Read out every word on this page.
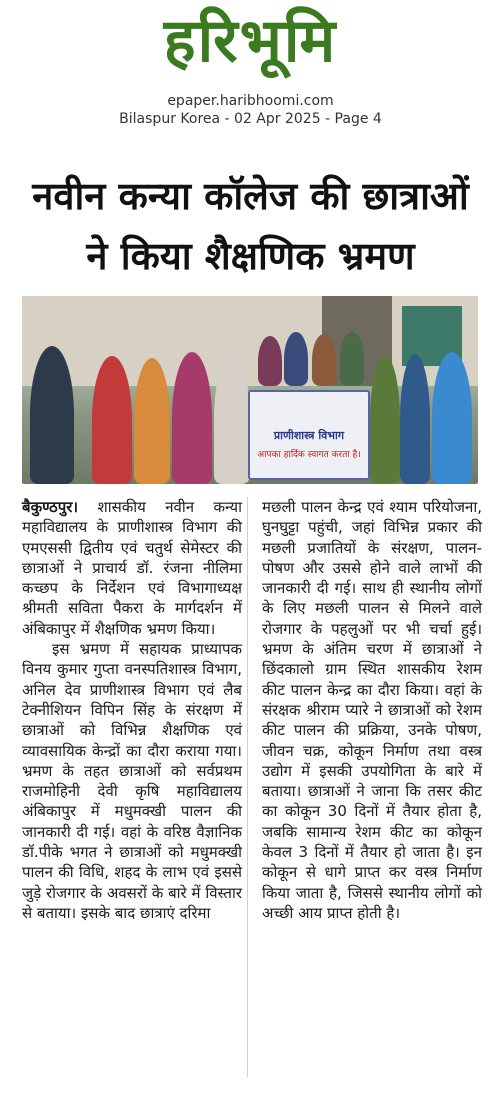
हरिभूमि
epaper.haribhoomi.com
Bilaspur Korea - 02 Apr 2025 - Page 4
नवीन कन्या कॉलेज की छात्राओं
ने किया शैक्षणिक भ्रमण
प्राणीशास्त्र विभाग
आपका हार्दिक स्वागत करता है।

बैकुण्ठपुर। शासकीय नवीन कन्या महाविद्यालय के प्राणीशास्त्र विभाग की एमएससी द्वितीय एवं चतुर्थ सेमेस्टर की छात्राओं ने प्राचार्य डॉ. रंजना नीलिमा कच्छप के निर्देशन एवं विभागाध्यक्ष श्रीमती सविता पैकरा के मार्गदर्शन में अंबिकापुर में शैक्षणिक भ्रमण किया।

इस भ्रमण में सहायक प्राध्यापक विनय कुमार गुप्ता वनस्पतिशास्त्र विभाग, अनिल देव प्राणीशास्त्र विभाग एवं लैब टेक्नीशियन विपिन सिंह के संरक्षण में छात्राओं को विभिन्न शैक्षणिक एवं व्यावसायिक केन्द्रों का दौरा कराया गया। भ्रमण के तहत छात्राओं को सर्वप्रथम राजमोहिनी देवी कृषि महाविद्यालय अंबिकापुर में मधुमक्खी पालन की जानकारी दी गई। वहां के वरिष्ठ वैज्ञानिक डॉ.पीके भगत ने छात्राओं को मधुमक्खी पालन की विधि, शहद के लाभ एवं इससे जुड़े रोजगार के अवसरों के बारे में विस्तार से बताया। इसके बाद छात्राएं दरिमा

मछली पालन केन्द्र एवं श्याम परियोजना, घुनघुट्टा पहुंची, जहां विभिन्न प्रकार की मछली प्रजातियों के संरक्षण, पालन-पोषण और उससे होने वाले लाभों की जानकारी दी गई। साथ ही स्थानीय लोगों के लिए मछली पालन से मिलने वाले रोजगार के पहलुओं पर भी चर्चा हुई। भ्रमण के अंतिम चरण में छात्राओं ने छिंदकालो ग्राम स्थित शासकीय रेशम कीट पालन केन्द्र का दौरा किया। वहां के संरक्षक श्रीराम प्यारे ने छात्राओं को रेशम कीट पालन की प्रक्रिया, उनके पोषण, जीवन चक्र, कोकून निर्माण तथा वस्त्र उद्योग में इसकी उपयोगिता के बारे में बताया। छात्राओं ने जाना कि तसर कीट का कोकून 30 दिनों में तैयार होता है, जबकि सामान्य रेशम कीट का कोकून केवल 3 दिनों में तैयार हो जाता है। इन कोकून से धागे प्राप्त कर वस्त्र निर्माण किया जाता है, जिससे स्थानीय लोगों को अच्छी आय प्राप्त होती है।
